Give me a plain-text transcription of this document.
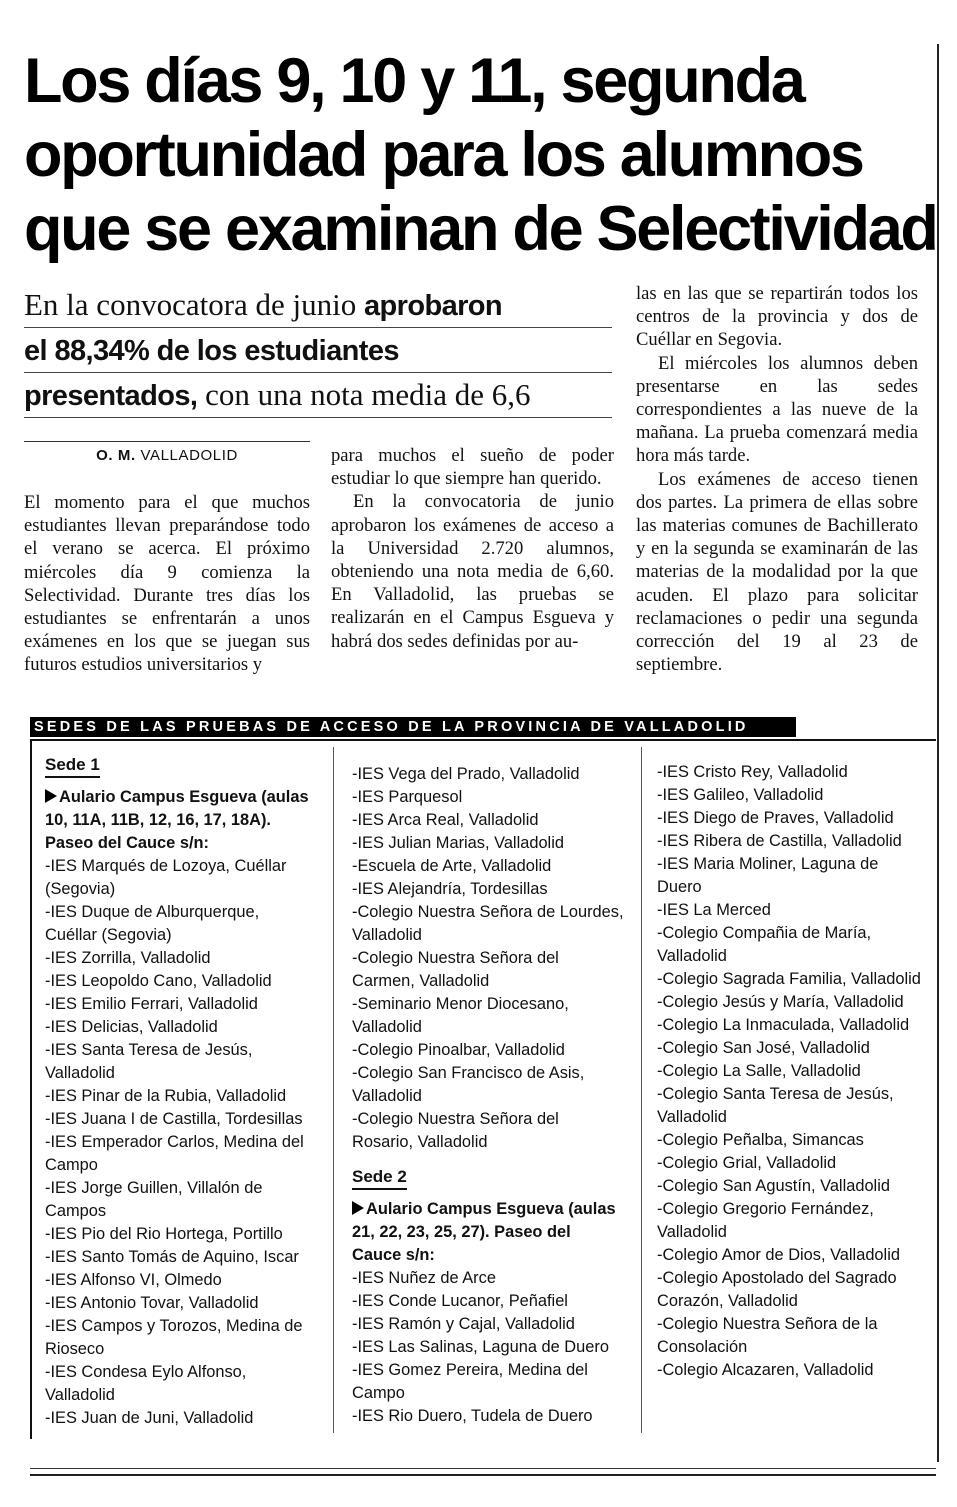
Los días 9, 10 y 11, segunda
oportunidad para los alumnos
que se examinan de Selectividad
En la convocatora de junio aprobaron
el 88,34% de los estudiantes
presentados, con una nota media de 6,6
O. M. VALLADOLID

El momento para el que muchos estudiantes llevan preparándose todo el verano se acerca. El próximo miércoles día 9 comienza la Selectividad. Durante tres días los estudiantes se enfrentarán a unos exámenes en los que se juegan sus futuros estudios universitarios y

para muchos el sueño de poder estudiar lo que siempre han querido.

En la convocatoria de junio aprobaron los exámenes de acceso a la Universidad 2.720 alumnos, obteniendo una nota media de 6,60. En Valladolid, las pruebas se realizarán en el Campus Esgueva y habrá dos sedes definidas por au-

las en las que se repartirán todos los centros de la provincia y dos de Cuéllar en Segovia.

El miércoles los alumnos deben presentarse en las sedes correspondientes a las nueve de la mañana. La prueba comenzará media hora más tarde.

Los exámenes de acceso tienen dos partes. La primera de ellas sobre las materias comunes de Bachillerato y en la segunda se examinarán de las materias de la modalidad por la que acuden. El plazo para solicitar reclamaciones o pedir una segunda corrección del 19 al 23 de septiembre.

SEDES DE LAS PRUEBAS DE ACCESO DE LA PROVINCIA DE VALLADOLID
Sede 1
Aulario Campus Esgueva (aulas 10, 11A, 11B, 12, 16, 17, 18A). Paseo del Cauce s/n:
-IES Marqués de Lozoya, Cuéllar (Segovia)
-IES Duque de Alburquerque, Cuéllar (Segovia)
-IES Zorrilla, Valladolid
-IES Leopoldo Cano, Valladolid
-IES Emilio Ferrari, Valladolid
-IES Delicias, Valladolid
-IES Santa Teresa de Jesús, Valladolid
-IES Pinar de la Rubia, Valladolid
-IES Juana I de Castilla, Tordesillas
-IES Emperador Carlos, Medina del Campo
-IES Jorge Guillen, Villalón de Campos
-IES Pio del Rio Hortega, Portillo
-IES Santo Tomás de Aquino, Iscar
-IES Alfonso VI, Olmedo
-IES Antonio Tovar, Valladolid
-IES Campos y Torozos, Medina de Rioseco
-IES Condesa Eylo Alfonso, Valladolid
-IES Juan de Juni, Valladolid
-IES Vega del Prado, Valladolid
-IES Parquesol
-IES Arca Real, Valladolid
-IES Julian Marias, Valladolid
-Escuela de Arte, Valladolid
-IES Alejandría, Tordesillas
-Colegio Nuestra Señora de Lourdes, Valladolid
-Colegio Nuestra Señora del Carmen, Valladolid
-Seminario Menor Diocesano, Valladolid
-Colegio Pinoalbar, Valladolid
-Colegio San Francisco de Asis, Valladolid
-Colegio Nuestra Señora del Rosario, Valladolid
Sede 2
Aulario Campus Esgueva (aulas 21, 22, 23, 25, 27). Paseo del Cauce s/n:
-IES Nuñez de Arce
-IES Conde Lucanor, Peñafiel
-IES Ramón y Cajal, Valladolid
-IES Las Salinas, Laguna de Duero
-IES Gomez Pereira, Medina del Campo
-IES Rio Duero, Tudela de Duero
-IES Cristo Rey, Valladolid
-IES Galileo, Valladolid
-IES Diego de Praves, Valladolid
-IES Ribera de Castilla, Valladolid
-IES Maria Moliner, Laguna de Duero
-IES La Merced
-Colegio Compañia de María, Valladolid
-Colegio Sagrada Familia, Valladolid
-Colegio Jesús y María, Valladolid
-Colegio La Inmaculada, Valladolid
-Colegio San José, Valladolid
-Colegio La Salle, Valladolid
-Colegio Santa Teresa de Jesús, Valladolid
-Colegio Peñalba, Simancas
-Colegio Grial, Valladolid
-Colegio San Agustín, Valladolid
-Colegio Gregorio Fernández, Valladolid
-Colegio Amor de Dios, Valladolid
-Colegio Apostolado del Sagrado Corazón, Valladolid
-Colegio Nuestra Señora de la Consolación
-Colegio Alcazaren, Valladolid
